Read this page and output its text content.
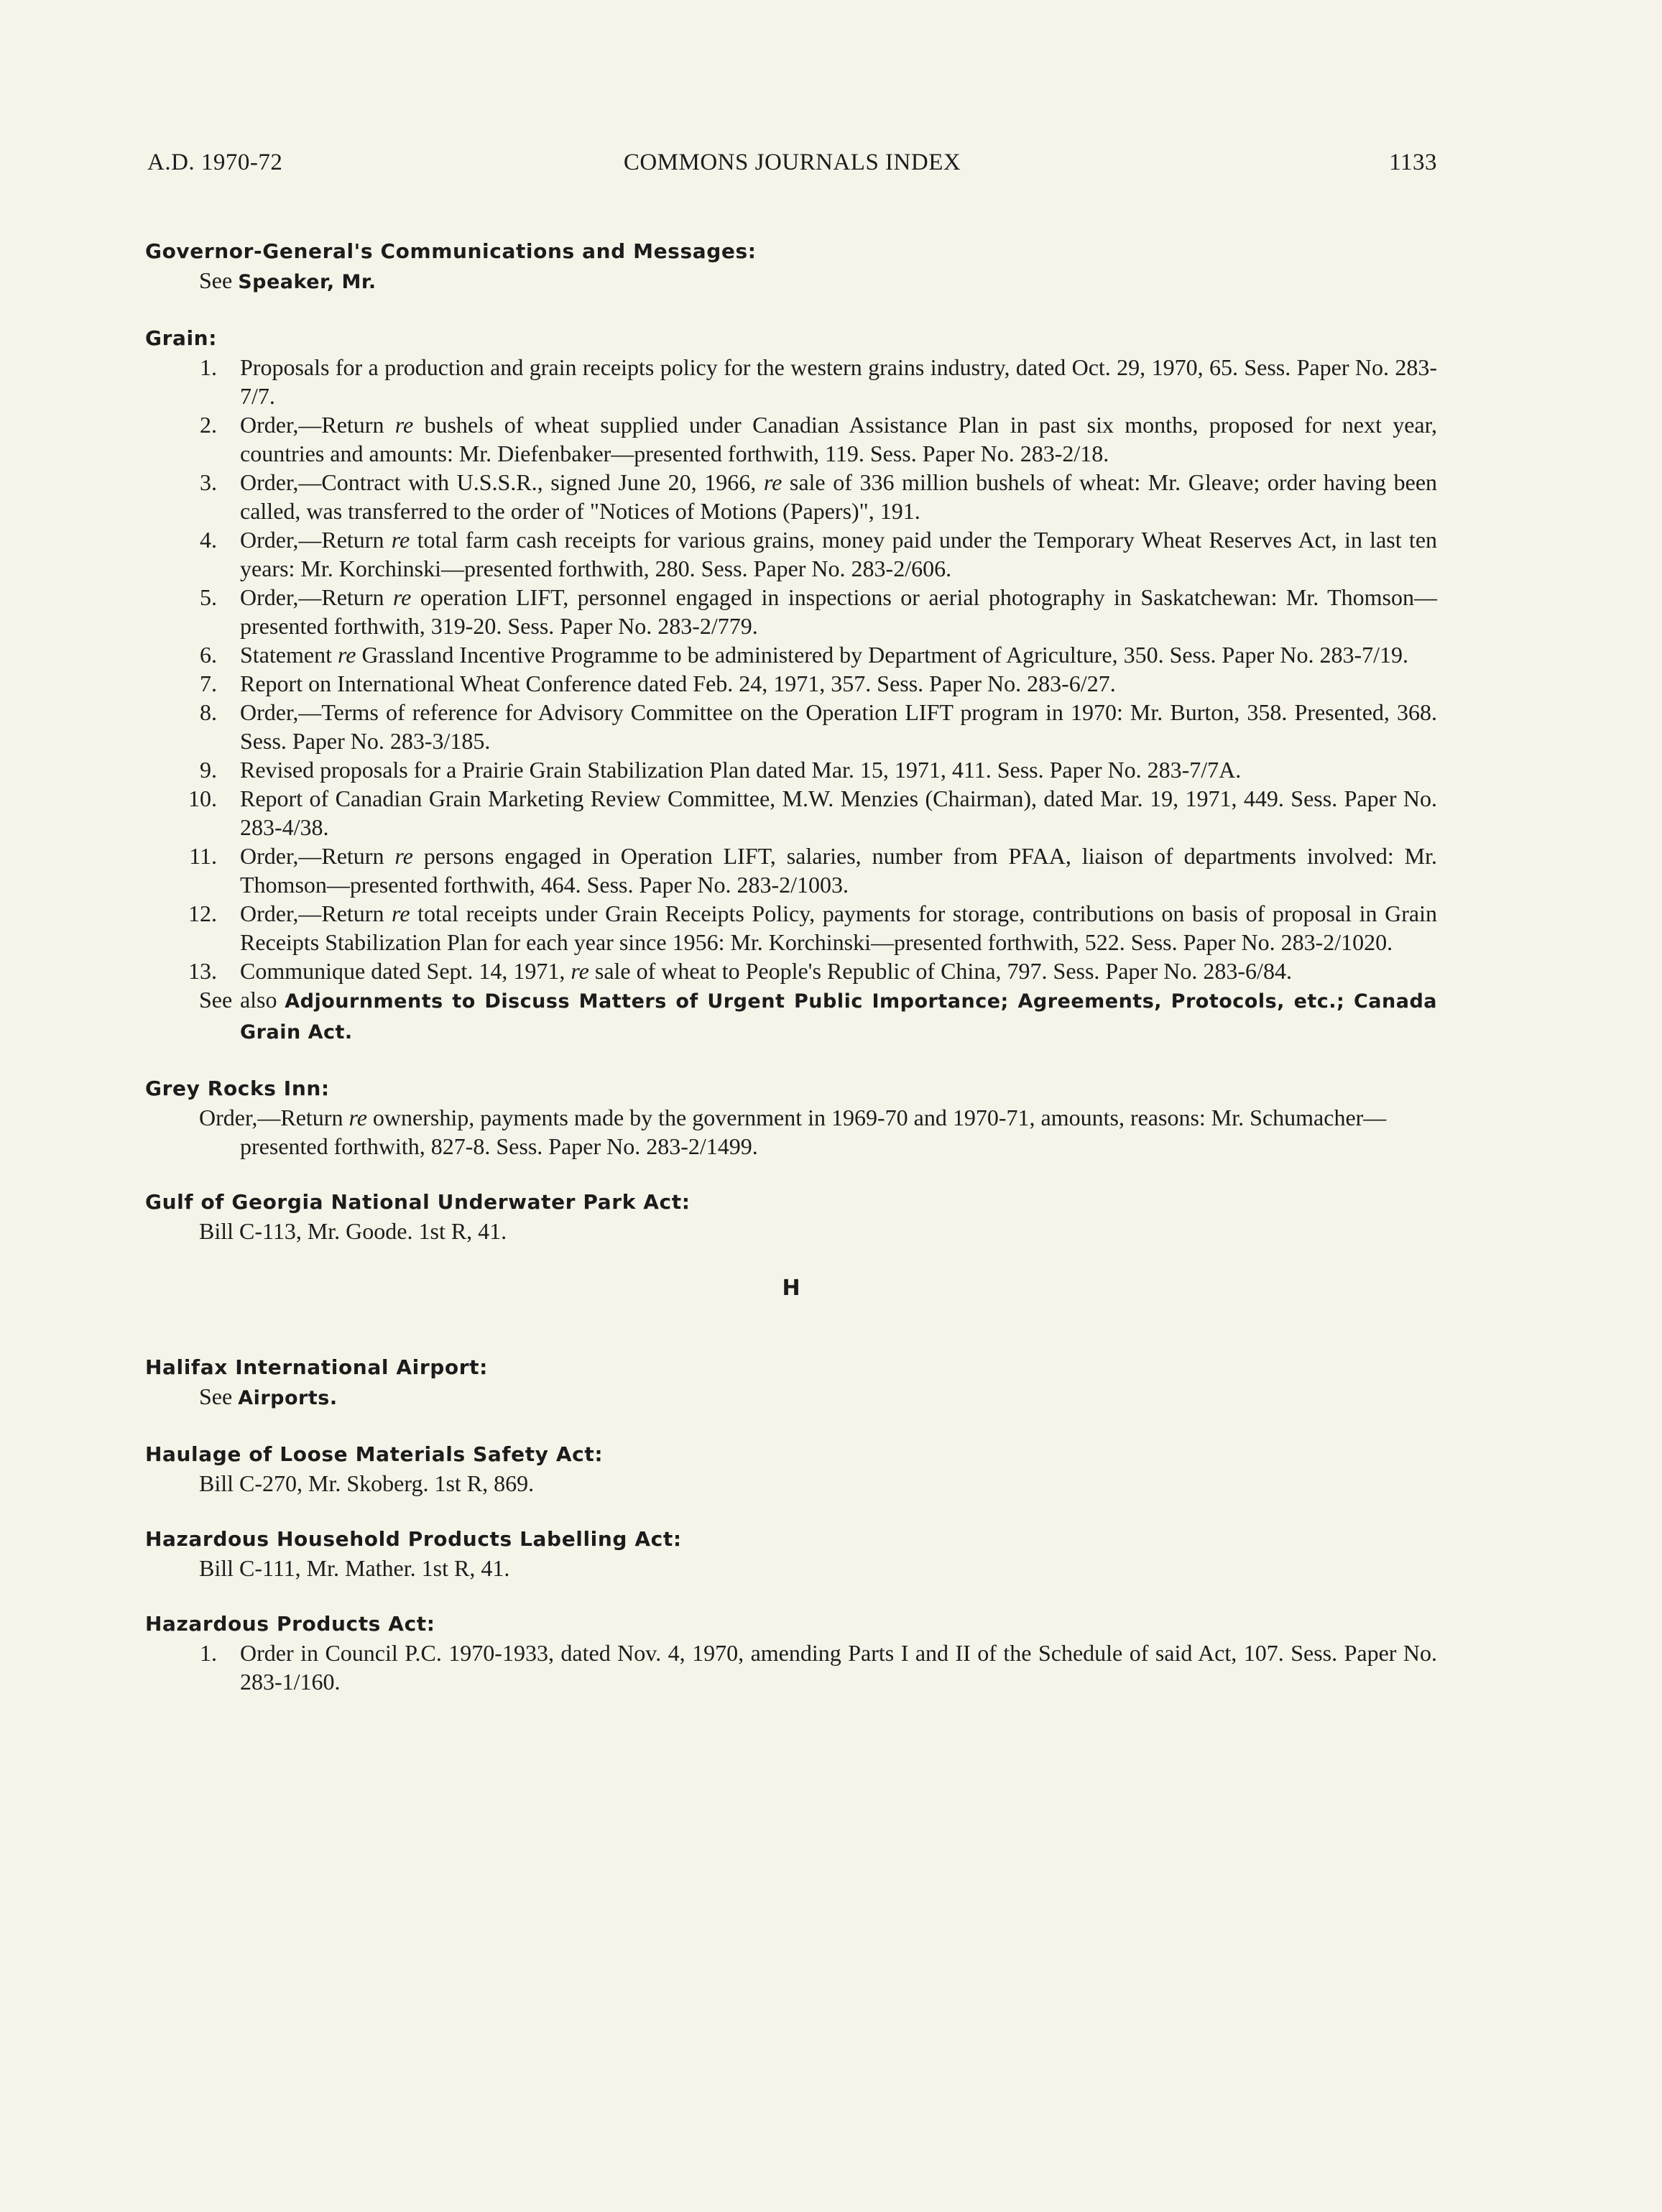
A.D. 1970-72	COMMONS JOURNALS INDEX	1133
Governor-General's Communications and Messages:
See Speaker, Mr.
Grain:
1. Proposals for a production and grain receipts policy for the western grains industry, dated Oct. 29, 1970, 65. Sess. Paper No. 283-7/7.
2. Order,—Return re bushels of wheat supplied under Canadian Assistance Plan in past six months, proposed for next year, countries and amounts: Mr. Diefenbaker—presented forthwith, 119. Sess. Paper No. 283-2/18.
3. Order,—Contract with U.S.S.R., signed June 20, 1966, re sale of 336 million bushels of wheat: Mr. Gleave; order having been called, was transferred to the order of "Notices of Motions (Papers)", 191.
4. Order,—Return re total farm cash receipts for various grains, money paid under the Temporary Wheat Reserves Act, in last ten years: Mr. Korchinski—presented forthwith, 280. Sess. Paper No. 283-2/606.
5. Order,—Return re operation LIFT, personnel engaged in inspections or aerial photography in Saskatchewan: Mr. Thomson—presented forthwith, 319-20. Sess. Paper No. 283-2/779.
6. Statement re Grassland Incentive Programme to be administered by Department of Agriculture, 350. Sess. Paper No. 283-7/19.
7. Report on International Wheat Conference dated Feb. 24, 1971, 357. Sess. Paper No. 283-6/27.
8. Order,—Terms of reference for Advisory Committee on the Operation LIFT program in 1970: Mr. Burton, 358. Presented, 368. Sess. Paper No. 283-3/185.
9. Revised proposals for a Prairie Grain Stabilization Plan dated Mar. 15, 1971, 411. Sess. Paper No. 283-7/7A.
10. Report of Canadian Grain Marketing Review Committee, M.W. Menzies (Chairman), dated Mar. 19, 1971, 449. Sess. Paper No. 283-4/38.
11. Order,—Return re persons engaged in Operation LIFT, salaries, number from PFAA, liaison of departments involved: Mr. Thomson—presented forthwith, 464. Sess. Paper No. 283-2/1003.
12. Order,—Return re total receipts under Grain Receipts Policy, payments for storage, contributions on basis of proposal in Grain Receipts Stabilization Plan for each year since 1956: Mr. Korchinski—presented forthwith, 522. Sess. Paper No. 283-2/1020.
13. Communique dated Sept. 14, 1971, re sale of wheat to People's Republic of China, 797. Sess. Paper No. 283-6/84.
See also Adjournments to Discuss Matters of Urgent Public Importance; Agreements, Protocols, etc.; Canada Grain Act.
Grey Rocks Inn:
Order,—Return re ownership, payments made by the government in 1969-70 and 1970-71, amounts, reasons: Mr. Schumacher—presented forthwith, 827-8. Sess. Paper No. 283-2/1499.
Gulf of Georgia National Underwater Park Act:
Bill C-113, Mr. Goode. 1st R, 41.
H
Halifax International Airport:
See Airports.
Haulage of Loose Materials Safety Act:
Bill C-270, Mr. Skoberg. 1st R, 869.
Hazardous Household Products Labelling Act:
Bill C-111, Mr. Mather. 1st R, 41.
Hazardous Products Act:
1. Order in Council P.C. 1970-1933, dated Nov. 4, 1970, amending Parts I and II of the Schedule of said Act, 107. Sess. Paper No. 283-1/160.
